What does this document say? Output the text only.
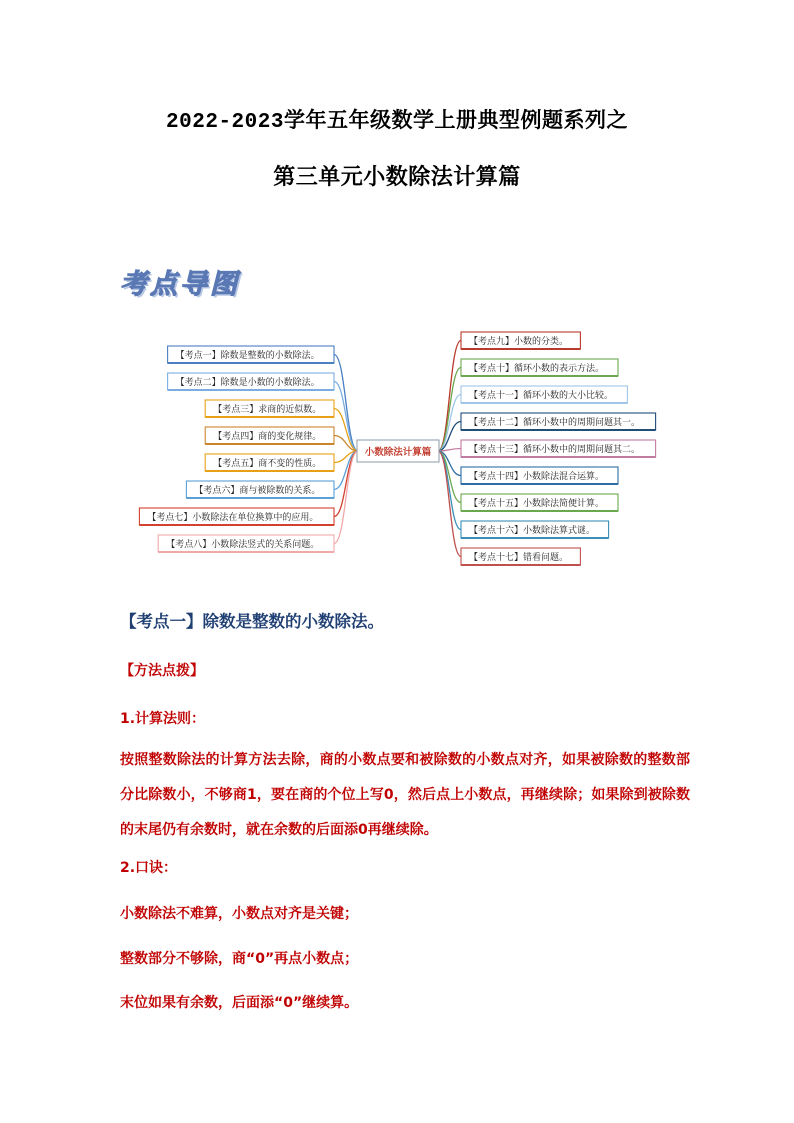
2022-2023学年五年级数学上册典型例题系列之
第三单元小数除法计算篇
考点导图
【考点一】除数是整数的小数除法。
【考点二】除数是小数的小数除法。
【考点三】求商的近似数。
【考点四】商的变化规律。
【考点五】商不变的性质。
【考点六】商与被除数的关系。
【考点七】小数除法在单位换算中的应用。
【考点八】小数除法竖式的关系问题。
【考点九】小数的分类。
【考点十】循环小数的表示方法。
【考点十一】循环小数的大小比较。
【考点十二】循环小数中的周期问题其一。
【考点十三】循环小数中的周期问题其二。
【考点十四】小数除法混合运算。
【考点十五】小数除法简便计算。
【考点十六】小数除法算式谜。
【考点十七】错看问题。
小数除法计算篇
【考点一】除数是整数的小数除法。
【方法点拨】
1.计算法则：
按照整数除法的计算方法去除，商的小数点要和被除数的小数点对齐，如果被除数的整数部分比除数小，不够商1，要在商的个位上写0，然后点上小数点，再继续除；如果除到被除数的末尾仍有余数时，就在余数的后面添0再继续除。
2.口诀：
小数除法不难算，小数点对齐是关键；
整数部分不够除，商“0”再点小数点；
末位如果有余数，后面添“0”继续算。
